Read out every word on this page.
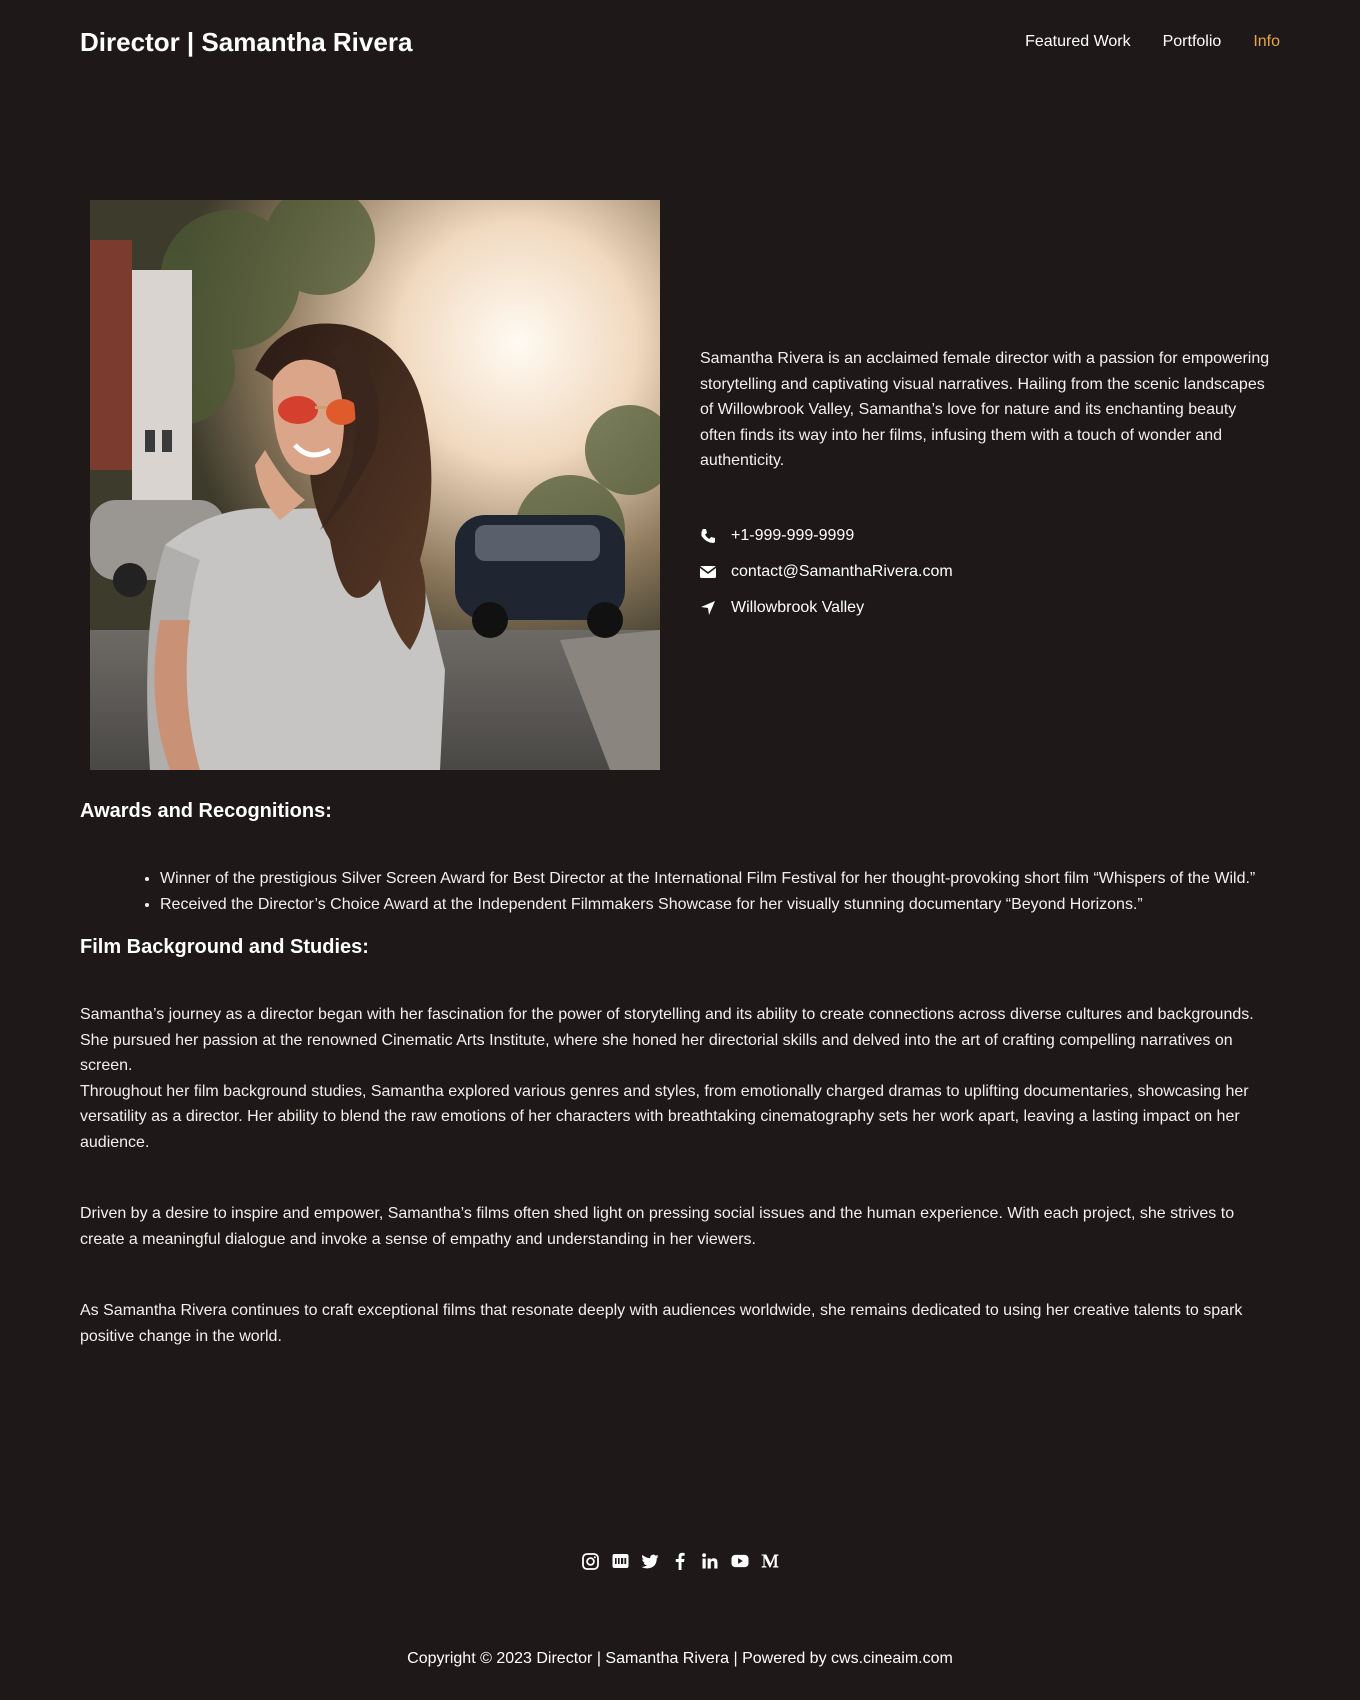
Director | Samantha Rivera	Featured Work Portfolio Info

Samantha Rivera is an acclaimed female director with a passion for empowering storytelling and captivating visual narratives. Hailing from the scenic landscapes of Willowbrook Valley, Samantha’s love for nature and its enchanting beauty often finds its way into her films, infusing them with a touch of wonder and authenticity.

+1-999-999-9999
contact@SamanthaRivera.com
Willowbrook Valley
Awards and Recognitions:
• Winner of the prestigious Silver Screen Award for Best Director at the International Film Festival for her thought-provoking short film “Whispers of the Wild.”
• Received the Director’s Choice Award at the Independent Filmmakers Showcase for her visually stunning documentary “Beyond Horizons.”
Film Background and Studies:
Samantha’s journey as a director began with her fascination for the power of storytelling and its ability to create connections across diverse cultures and backgrounds. She pursued her passion at the renowned Cinematic Arts Institute, where she honed her directorial skills and delved into the art of crafting compelling narratives on screen.
Throughout her film background studies, Samantha explored various genres and styles, from emotionally charged dramas to uplifting documentaries, showcasing her versatility as a director. Her ability to blend the raw emotions of her characters with breathtaking cinematography sets her work apart, leaving a lasting impact on her audience.

Driven by a desire to inspire and empower, Samantha’s films often shed light on pressing social issues and the human experience. With each project, she strives to create a meaningful dialogue and invoke a sense of empathy and understanding in her viewers.

As Samantha Rivera continues to craft exceptional films that resonate deeply with audiences worldwide, she remains dedicated to using her creative talents to spark positive change in the world.

Copyright © 2023 Director | Samantha Rivera | Powered by cws.cineaim.com
